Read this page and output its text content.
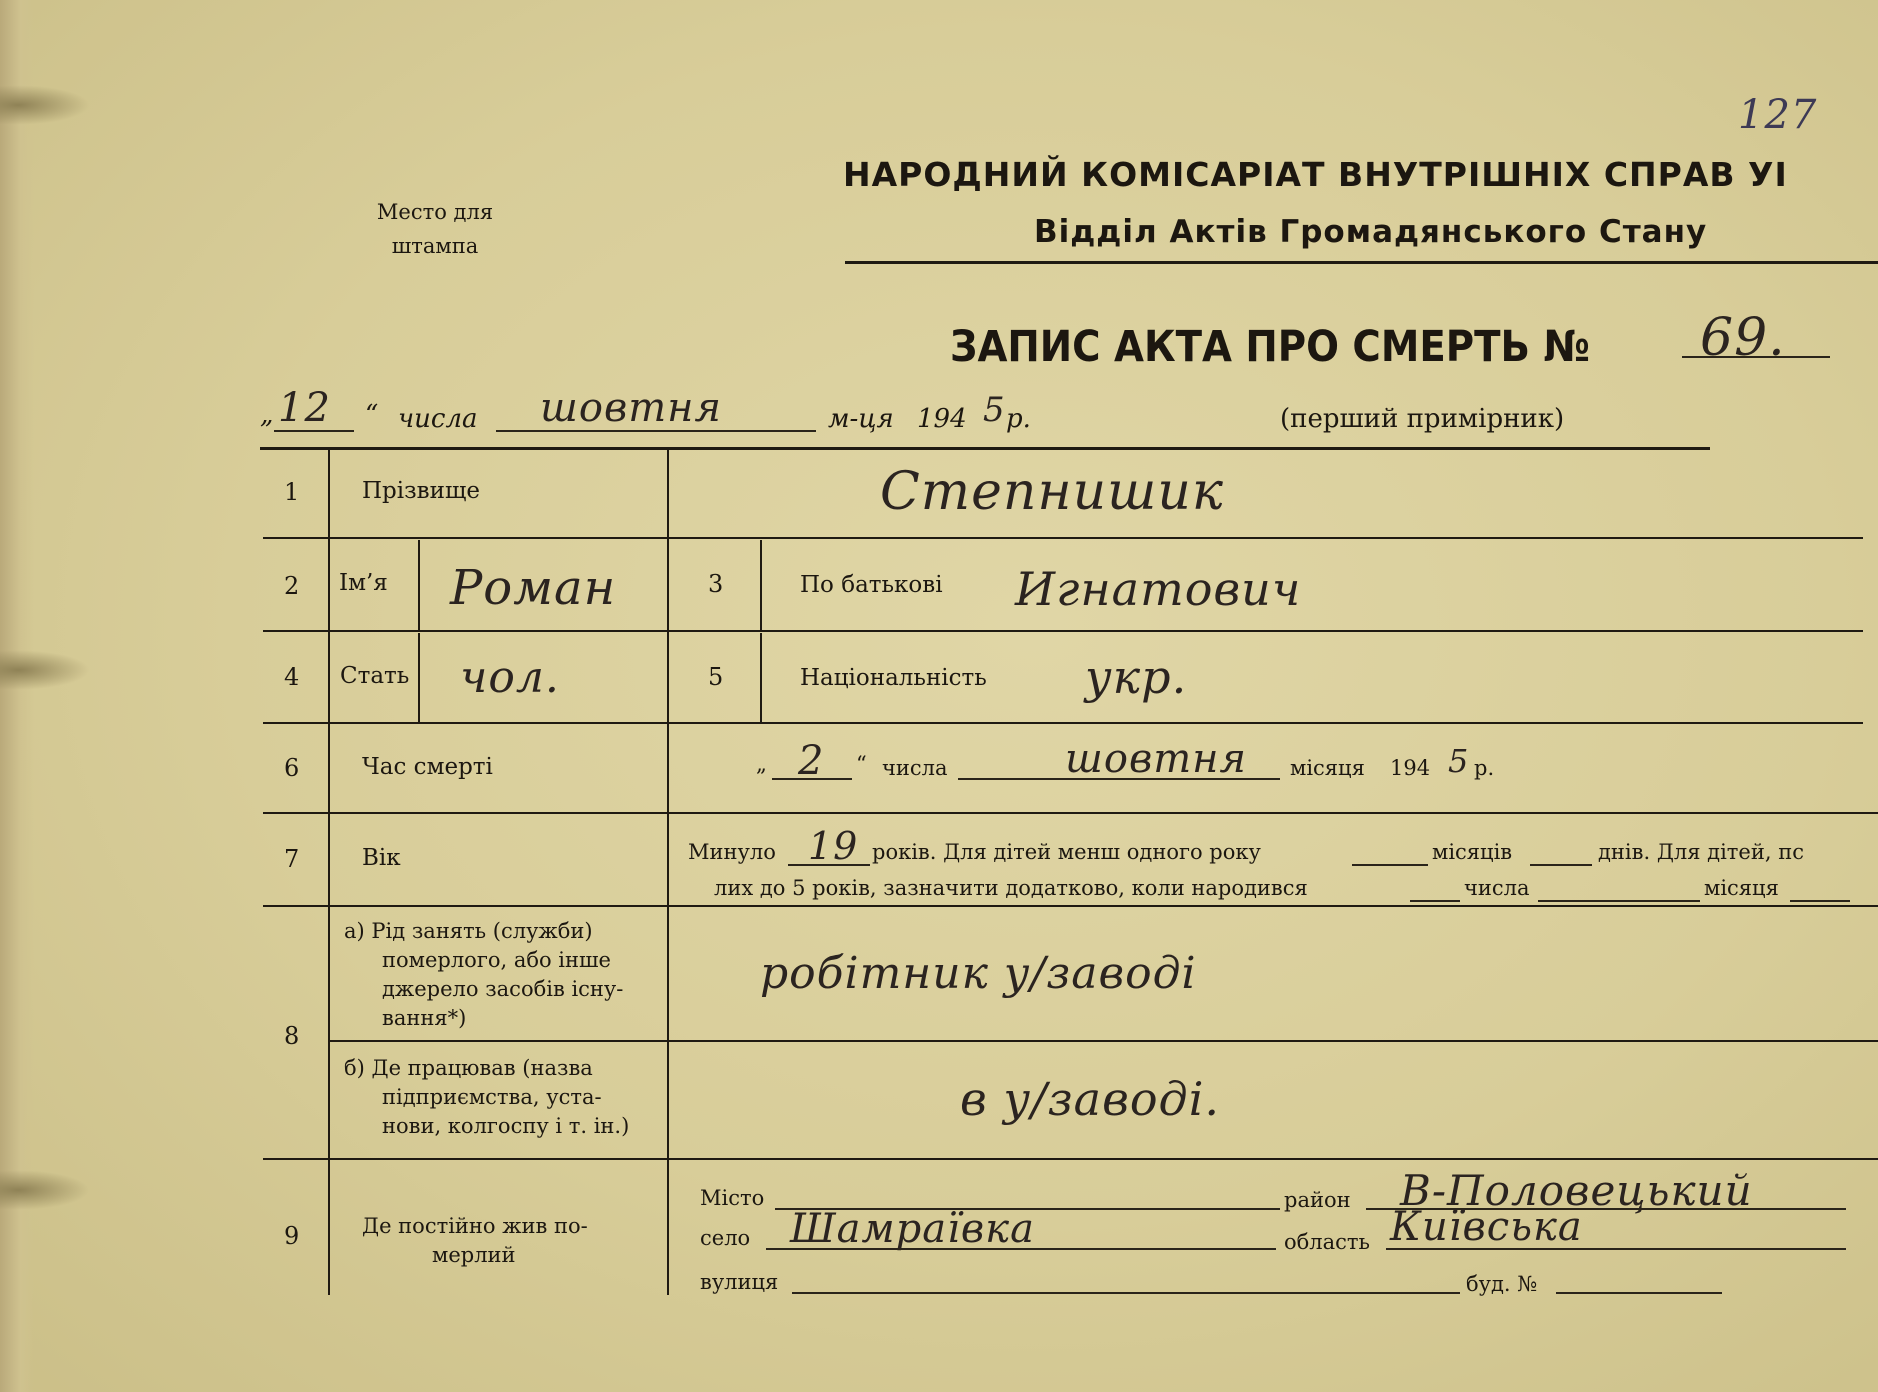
127
Место для
штампа
НАРОДНИЙ КОМІСАРІАТ ВНУТРІШНІХ СПРАВ УІ
Відділ Актів Громадянського Стану
ЗАПИС АКТА ПРО СМЕРТЬ № 69.
„ 12 “ числа шовтня	м-ця 194 5 р.	(перший примірник)
1	Прізвище	Степнишик
2 Ім’я Роман	3	По батькові Игнатович
4 Стать чол.	5	Національність укр.
6	Час смерті	„ 2 “ числа	шовтня місяця 194 5 р.
7	Вік	Минуло 19 років. Для дітей менш одного року	місяців	днів. Для дітей, пс
лих до 5 років, зазначити додатково, коли народився	числа	місяця
8
а) Рід занять (служби)
померлого, або інше
джерело засобів існу-
вання*)
робітник у/заводі
б) Де працював (назва
підприємства, уста-
нови, колгоспу і т. ін.)	в у/заводі.
9	Де постійно жив по-
мерлий
Місто	район В-Половецький
село Шамраївка	область Київська
вулиця	буд. №
